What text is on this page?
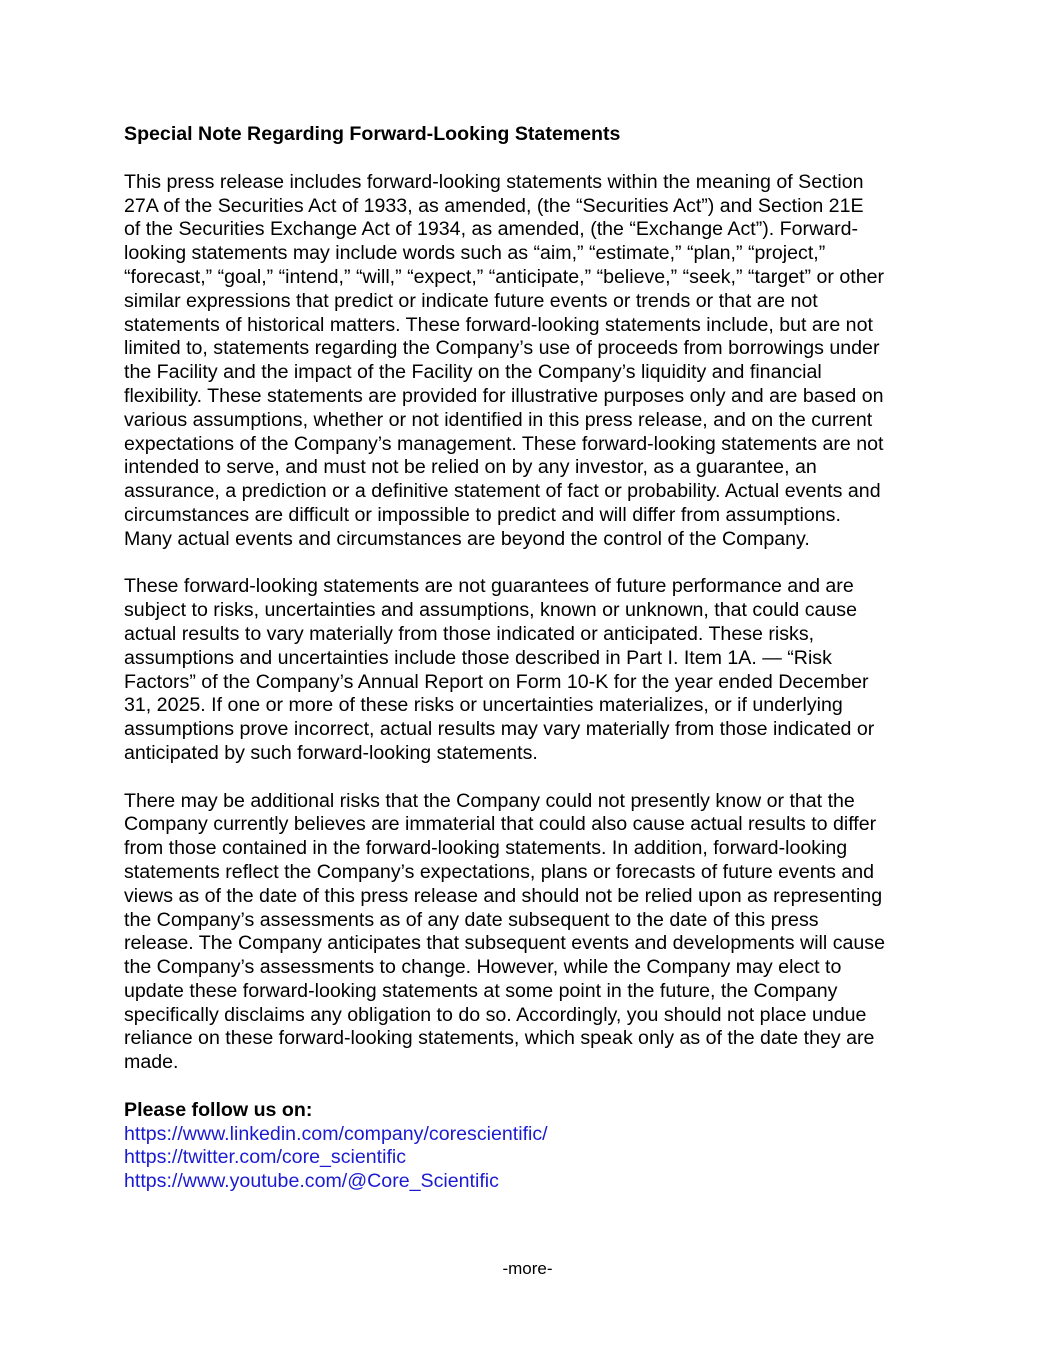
Special Note Regarding Forward-Looking Statements

This press release includes forward-looking statements within the meaning of Section
27A of the Securities Act of 1933, as amended, (the “Securities Act”) and Section 21E
of the Securities Exchange Act of 1934, as amended, (the “Exchange Act”). Forward-
looking statements may include words such as “aim,” “estimate,” “plan,” “project,”
“forecast,” “goal,” “intend,” “will,” “expect,” “anticipate,” “believe,” “seek,” “target” or other
similar expressions that predict or indicate future events or trends or that are not
statements of historical matters. These forward-looking statements include, but are not
limited to, statements regarding the Company’s use of proceeds from borrowings under
the Facility and the impact of the Facility on the Company’s liquidity and financial
flexibility. These statements are provided for illustrative purposes only and are based on
various assumptions, whether or not identified in this press release, and on the current
expectations of the Company’s management. These forward-looking statements are not
intended to serve, and must not be relied on by any investor, as a guarantee, an
assurance, a prediction or a definitive statement of fact or probability. Actual events and
circumstances are difficult or impossible to predict and will differ from assumptions.
Many actual events and circumstances are beyond the control of the Company.

These forward-looking statements are not guarantees of future performance and are
subject to risks, uncertainties and assumptions, known or unknown, that could cause
actual results to vary materially from those indicated or anticipated. These risks,
assumptions and uncertainties include those described in Part I. Item 1A. — “Risk
Factors” of the Company’s Annual Report on Form 10-K for the year ended December
31, 2025. If one or more of these risks or uncertainties materializes, or if underlying
assumptions prove incorrect, actual results may vary materially from those indicated or
anticipated by such forward-looking statements.

There may be additional risks that the Company could not presently know or that the
Company currently believes are immaterial that could also cause actual results to differ
from those contained in the forward-looking statements. In addition, forward-looking
statements reflect the Company’s expectations, plans or forecasts of future events and
views as of the date of this press release and should not be relied upon as representing
the Company’s assessments as of any date subsequent to the date of this press
release. The Company anticipates that subsequent events and developments will cause
the Company’s assessments to change. However, while the Company may elect to
update these forward-looking statements at some point in the future, the Company
specifically disclaims any obligation to do so. Accordingly, you should not place undue
reliance on these forward-looking statements, which speak only as of the date they are
made.

Please follow us on:

https://www.linkedin.com/company/corescientific/
https://twitter.com/core_scientific
https://www.youtube.com/@Core_Scientific
-more-
